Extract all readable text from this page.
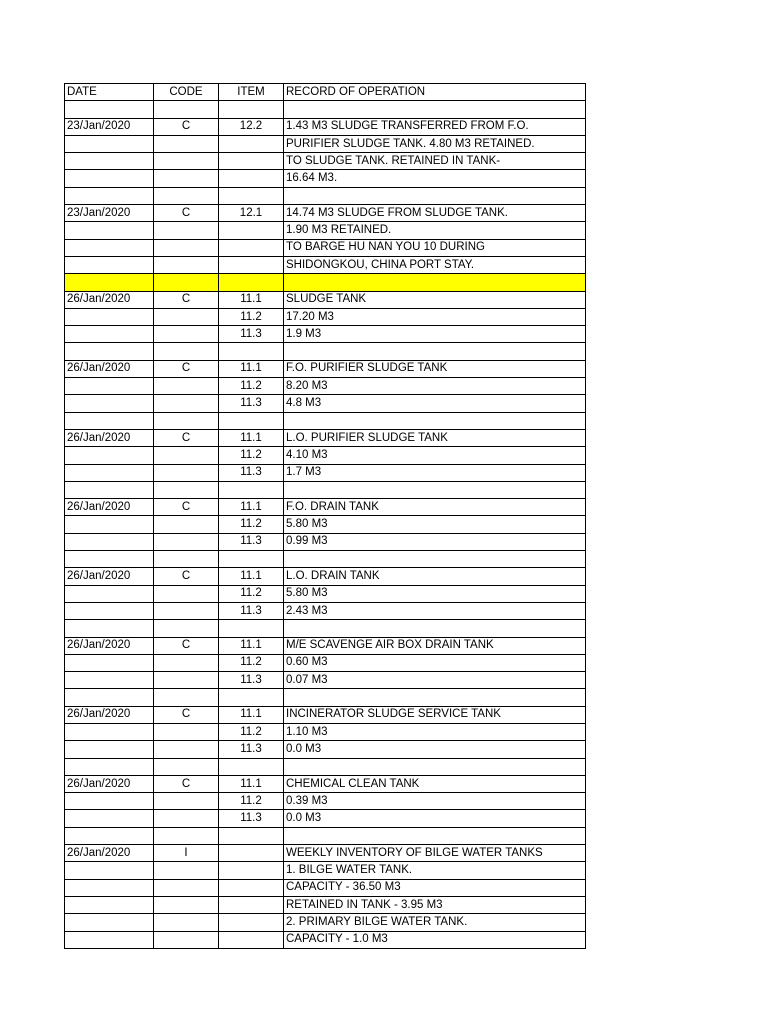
DATE	CODE	ITEM	RECORD OF OPERATION

23/Jan/2020	C	12.2	1.43 M3 SLUDGE TRANSFERRED FROM F.O.
			PURIFIER SLUDGE TANK. 4.80 M3 RETAINED.
			TO SLUDGE TANK. RETAINED IN TANK-
			16.64 M3.

23/Jan/2020	C	12.1	14.74 M3 SLUDGE FROM SLUDGE TANK.
			1.90 M3 RETAINED.
			TO BARGE HU NAN YOU 10 DURING
			SHIDONGKOU, CHINA PORT STAY.

26/Jan/2020	C	11.1	SLUDGE TANK
		11.2	17.20 M3
		11.3	1.9 M3

26/Jan/2020	C	11.1	F.O. PURIFIER SLUDGE TANK
		11.2	8.20 M3
		11.3	4.8 M3

26/Jan/2020	C	11.1	L.O. PURIFIER SLUDGE TANK
		11.2	4.10 M3
		11.3	1.7 M3

26/Jan/2020	C	11.1	F.O. DRAIN TANK
		11.2	5.80 M3
		11.3	0.99 M3

26/Jan/2020	C	11.1	L.O. DRAIN TANK
		11.2	5.80 M3
		11.3	2.43 M3

26/Jan/2020	C	11.1	M/E SCAVENGE AIR BOX DRAIN TANK
		11.2	0.60 M3
		11.3	0.07 M3

26/Jan/2020	C	11.1	INCINERATOR SLUDGE SERVICE TANK
		11.2	1.10 M3
		11.3	0.0 M3

26/Jan/2020	C	11.1	CHEMICAL CLEAN TANK
		11.2	0.39 M3
		11.3	0.0 M3

26/Jan/2020	I		WEEKLY INVENTORY OF BILGE WATER TANKS
			1. BILGE WATER TANK.
			CAPACITY - 36.50 M3
			RETAINED IN TANK - 3.95 M3
			2. PRIMARY BILGE WATER TANK.
			CAPACITY - 1.0 M3
